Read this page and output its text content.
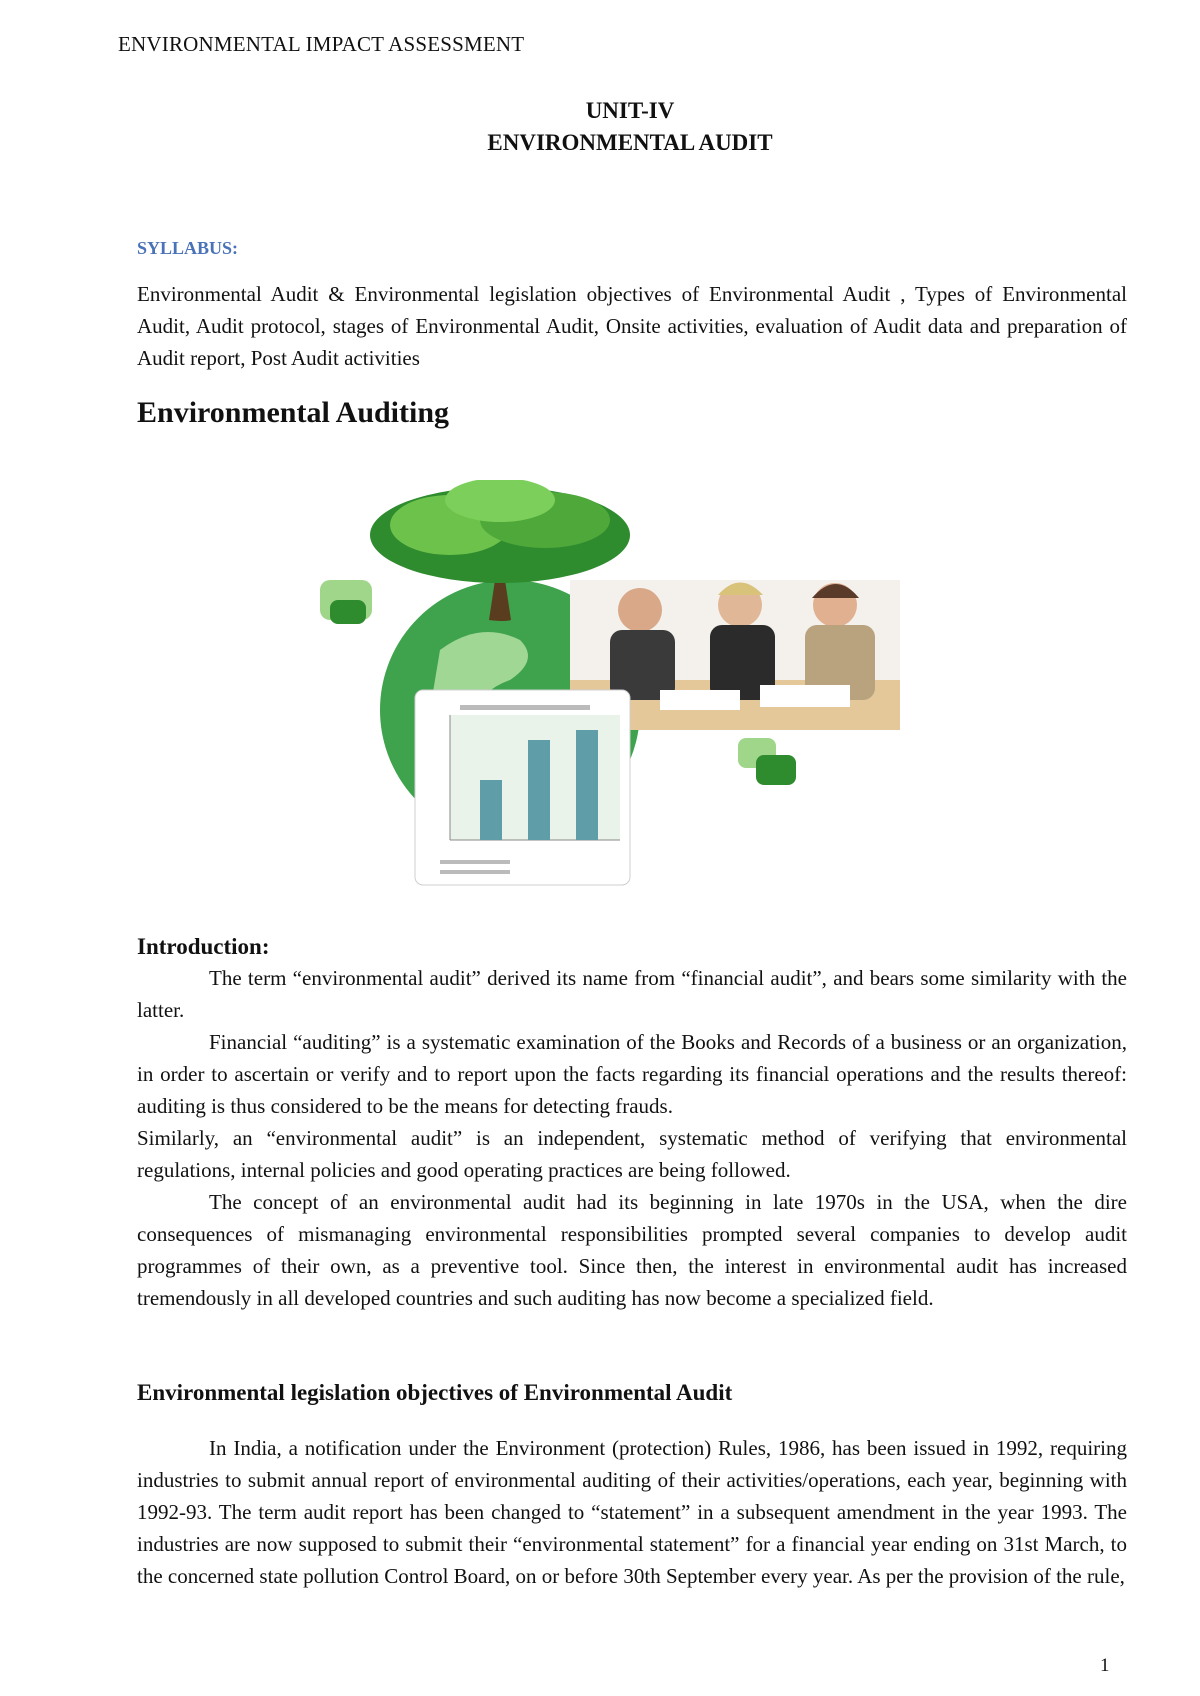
ENVIRONMENTAL IMPACT ASSESSMENT
UNIT-IV
ENVIRONMENTAL AUDIT
SYLLABUS:
Environmental Audit & Environmental legislation objectives of Environmental Audit , Types of Environmental Audit, Audit protocol, stages of Environmental Audit, Onsite activities, evaluation of Audit data and preparation of Audit report, Post Audit activities
Environmental Auditing
Introduction:

The term “environmental audit” derived its name from “financial audit”, and bears some similarity with the latter.

Financial “auditing” is a systematic examination of the Books and Records of a business or an organization, in order to ascertain or verify and to report upon the facts regarding its financial operations and the results thereof: auditing is thus considered to be the means for detecting frauds.

Similarly, an “environmental audit” is an independent, systematic method of verifying that environmental regulations, internal policies and good operating practices are being followed.

The concept of an environmental audit had its beginning in late 1970s in the USA, when the dire consequences of mismanaging environmental responsibilities prompted several companies to develop audit programmes of their own, as a preventive tool. Since then, the interest in environmental audit has increased tremendously in all developed countries and such auditing has now become a specialized field.

Environmental legislation objectives of Environmental Audit

In India, a notification under the Environment (protection) Rules, 1986, has been issued in 1992, requiring industries to submit annual report of environmental auditing of their activities/operations, each year, beginning with 1992-93. The term audit report has been changed to “statement” in a subsequent amendment in the year 1993. The industries are now supposed to submit their “environmental statement” for a financial year ending on 31st March, to the concerned state pollution Control Board, on or before 30th September every year. As per the provision of the rule,

1
